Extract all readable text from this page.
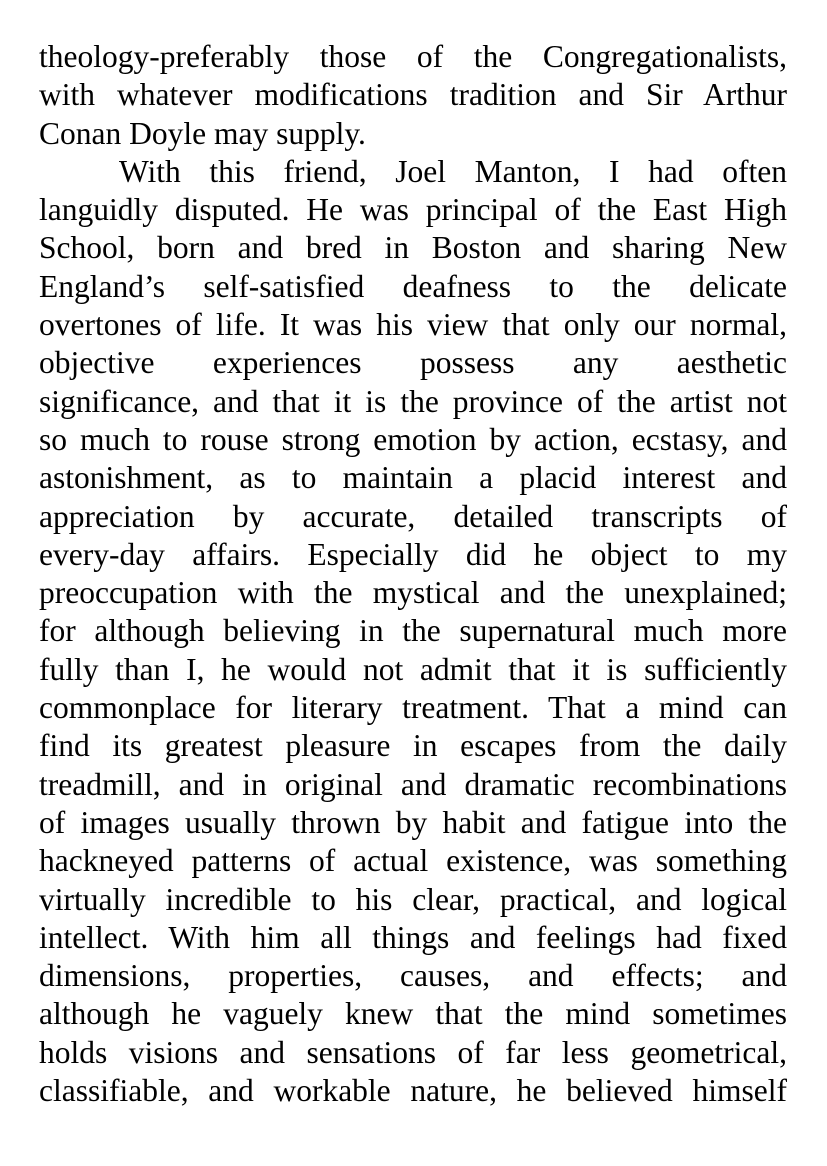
theology-preferably those of the Congregationalists,
with whatever modifications tradition and Sir Arthur
Conan Doyle may supply.
With this friend, Joel Manton, I had often
languidly disputed. He was principal of the East High
School, born and bred in Boston and sharing New
England’s self-satisfied deafness to the delicate
overtones of life. It was his view that only our normal,
objective experiences possess any aesthetic
significance, and that it is the province of the artist not
so much to rouse strong emotion by action, ecstasy, and
astonishment, as to maintain a placid interest and
appreciation by accurate, detailed transcripts of
every-day affairs. Especially did he object to my
preoccupation with the mystical and the unexplained;
for although believing in the supernatural much more
fully than I, he would not admit that it is sufficiently
commonplace for literary treatment. That a mind can
find its greatest pleasure in escapes from the daily
treadmill, and in original and dramatic recombinations
of images usually thrown by habit and fatigue into the
hackneyed patterns of actual existence, was something
virtually incredible to his clear, practical, and logical
intellect. With him all things and feelings had fixed
dimensions, properties, causes, and effects; and
although he vaguely knew that the mind sometimes
holds visions and sensations of far less geometrical,
classifiable, and workable nature, he believed himself
